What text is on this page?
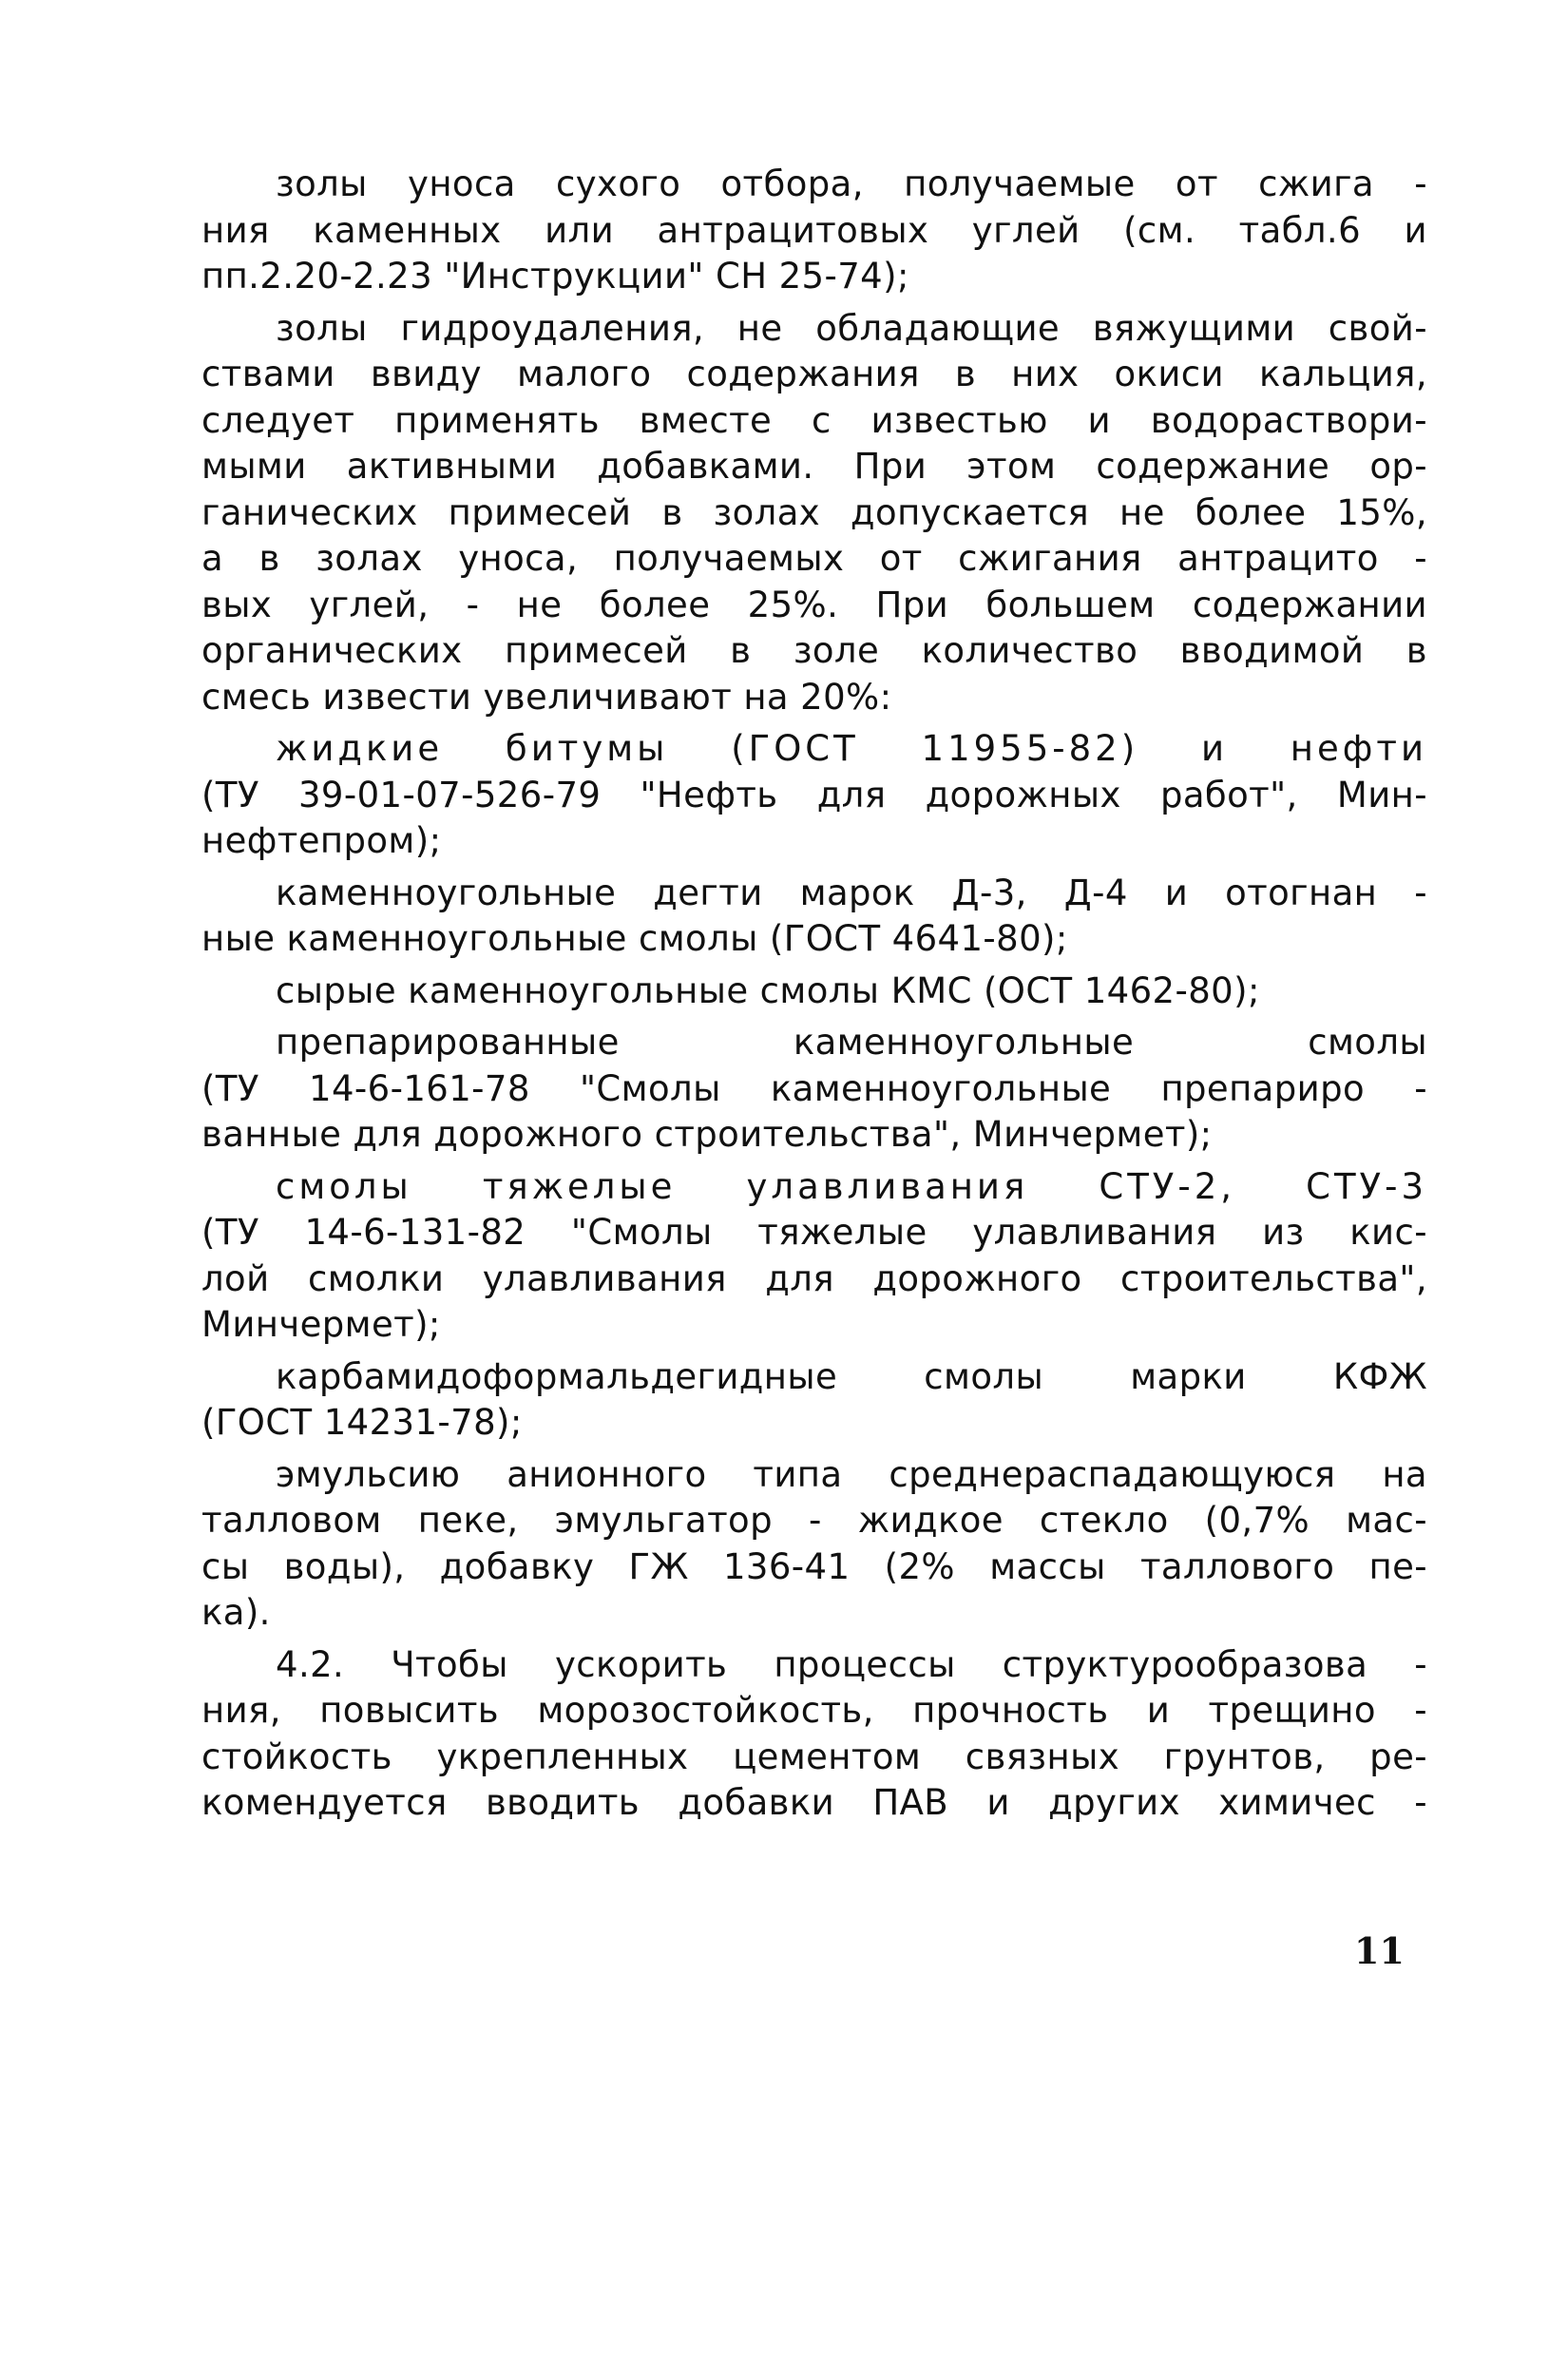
золы уноса сухого отбора, получаемые от сжига -
ния каменных или антрацитовых углей (см. табл.6 и
пп.2.20-2.23 "Инструкции" СН 25-74);
золы гидроудаления, не обладающие вяжущими свой-
ствами ввиду малого содержания в них окиси кальция,
следует применять вместе с известью и водораствори-
мыми активными добавками. При этом содержание ор-
ганических примесей в золах допускается не более 15%,
а в золах уноса, получаемых от сжигания антрацито -
вых углей, - не более 25%. При большем содержании
органических примесей в золе количество вводимой в
смесь извести увеличивают на 20%:
жидкие битумы (ГОСТ 11955-82) и нефти
(ТУ 39-01-07-526-79 "Нефть для дорожных работ", Мин-
нефтепром);
каменноугольные дегти марок Д-3, Д-4 и отогнан -
ные каменноугольные смолы (ГОСТ 4641-80);
сырые каменноугольные смолы КМС (ОСТ 1462-80);
препарированные каменноугольные смолы
(ТУ 14-6-161-78 "Смолы каменноугольные препариро -
ванные для дорожного строительства", Минчермет);
смолы тяжелые улавливания СТУ-2, СТУ-3
(ТУ 14-6-131-82 "Смолы тяжелые улавливания из кис-
лой смолки улавливания для дорожного строительства",
Минчермет);
карбамидоформальдегидные смолы марки КФЖ
(ГОСТ 14231-78);
эмульсию анионного типа среднераспадающуюся на
талловом пеке, эмульгатор - жидкое стекло (0,7% мас-
сы воды), добавку ГЖ 136-41 (2% массы таллового пе-
ка).
4.2. Чтобы ускорить процессы структурообразова -
ния, повысить морозостойкость, прочность и трещино -
стойкость укрепленных цементом связных грунтов, ре-
комендуется вводить добавки ПАВ и других химичес -
11
